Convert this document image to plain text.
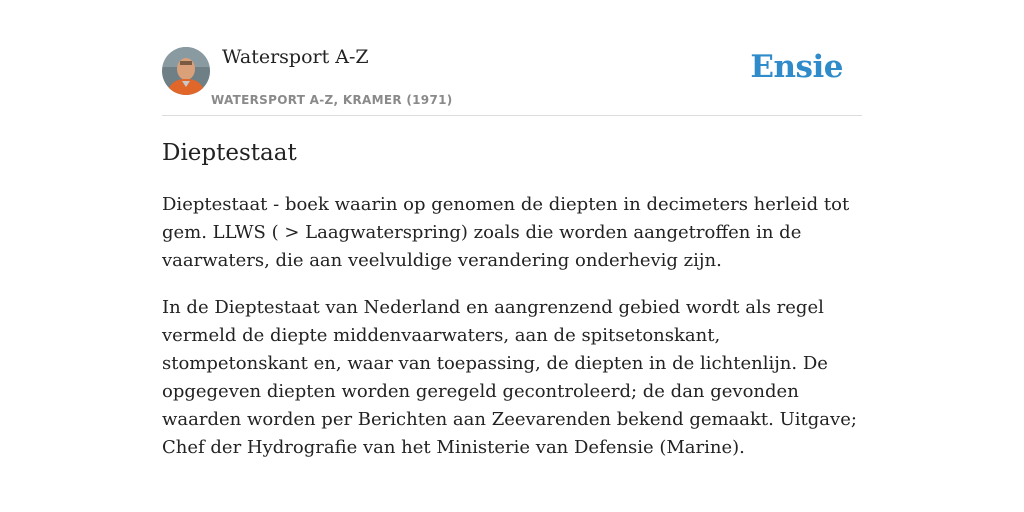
Watersport A-Z
WATERSPORT A-Z, KRAMER (1971)
Ensie
Dieptestaat

Dieptestaat - boek waarin op genomen de diepten in decimeters herleid tot gem. LLWS ( > Laagwaterspring) zoals die worden aangetroffen in de vaarwaters, die aan veelvuldige verandering onderhevig zijn.

In de Dieptestaat van Nederland en aangrenzend gebied wordt als regel vermeld de diepte middenvaarwaters, aan de spitsetonskant, stompetonskant en, waar van toepassing, de diepten in de lichtenlijn. De opgegeven diepten worden geregeld gecontroleerd; de dan gevonden waarden worden per Berichten aan Zeevarenden bekend gemaakt. Uitgave; Chef der Hydrografie van het Ministerie van Defensie (Marine).
